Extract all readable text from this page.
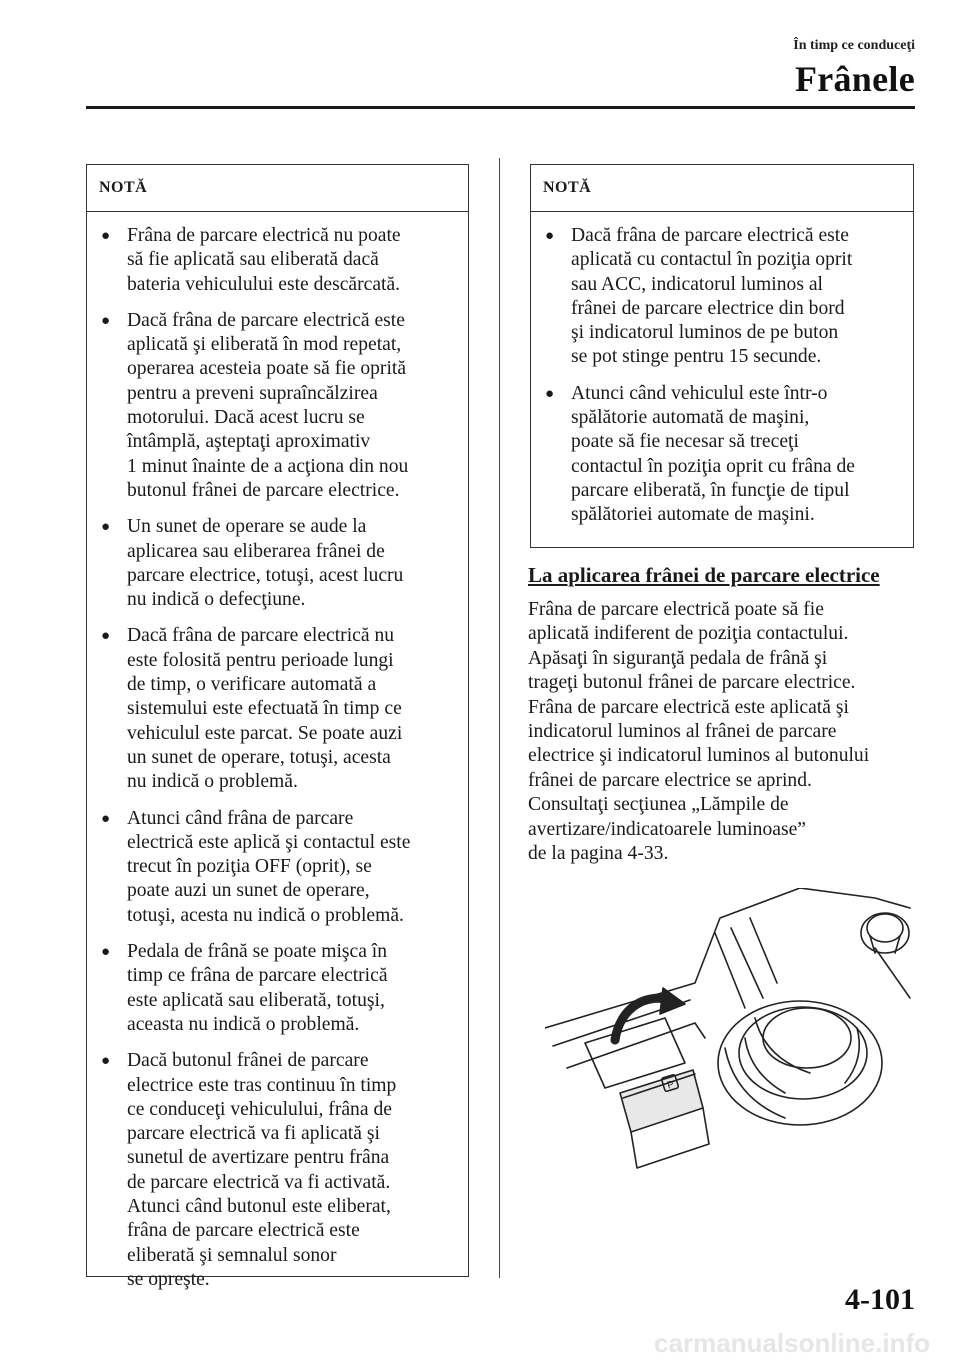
În timp ce conduceţi
Frânele
NOTĂ
● Frâna de parcare electrică nu poate
să fie aplicată sau eliberată dacă
bateria vehiculului este descărcată.
● Dacă frâna de parcare electrică este
aplicată şi eliberată în mod repetat,
operarea acesteia poate să fie oprită
pentru a preveni supraîncălzirea
motorului. Dacă acest lucru se
întâmplă, aşteptaţi aproximativ
1 minut înainte de a acţiona din nou
butonul frânei de parcare electrice.
● Un sunet de operare se aude la
aplicarea sau eliberarea frânei de
parcare electrice, totuşi, acest lucru
nu indică o defecţiune.
● Dacă frâna de parcare electrică nu
este folosită pentru perioade lungi
de timp, o verificare automată a
sistemului este efectuată în timp ce
vehiculul este parcat. Se poate auzi
un sunet de operare, totuşi, acesta
nu indică o problemă.
● Atunci când frâna de parcare
electrică este aplică şi contactul este
trecut în poziţia OFF (oprit), se
poate auzi un sunet de operare,
totuşi, acesta nu indică o problemă.
● Pedala de frână se poate mişca în
timp ce frâna de parcare electrică
este aplicată sau eliberată, totuşi,
aceasta nu indică o problemă.
● Dacă butonul frânei de parcare
electrice este tras continuu în timp
ce conduceţi vehiculului, frâna de
parcare electrică va fi aplicată şi
sunetul de avertizare pentru frâna
de parcare electrică va fi activată.
Atunci când butonul este eliberat,
frâna de parcare electrică este
eliberată şi semnalul sonor
se opreşte.
NOTĂ
● Dacă frâna de parcare electrică este
aplicată cu contactul în poziţia oprit
sau ACC, indicatorul luminos al
frânei de parcare electrice din bord
şi indicatorul luminos de pe buton
se pot stinge pentru 15 secunde.
● Atunci când vehiculul este într-o
spălătorie automată de maşini,
poate să fie necesar să treceţi
contactul în poziţia oprit cu frâna de
parcare eliberată, în funcţie de tipul
spălătoriei automate de maşini.
La aplicarea frânei de parcare electrice
Frâna de parcare electrică poate să fie
aplicată indiferent de poziţia contactului.
Apăsaţi în siguranţă pedala de frână şi
trageţi butonul frânei de parcare electrice.
Frâna de parcare electrică este aplicată şi
indicatorul luminos al frânei de parcare
electrice şi indicatorul luminos al butonului
frânei de parcare electrice se aprind.
Consultaţi secţiunea „Lămpile de
avertizare/indicatoarele luminoase”
de la pagina 4-33.
P
4-101
carmanualsonline.info
